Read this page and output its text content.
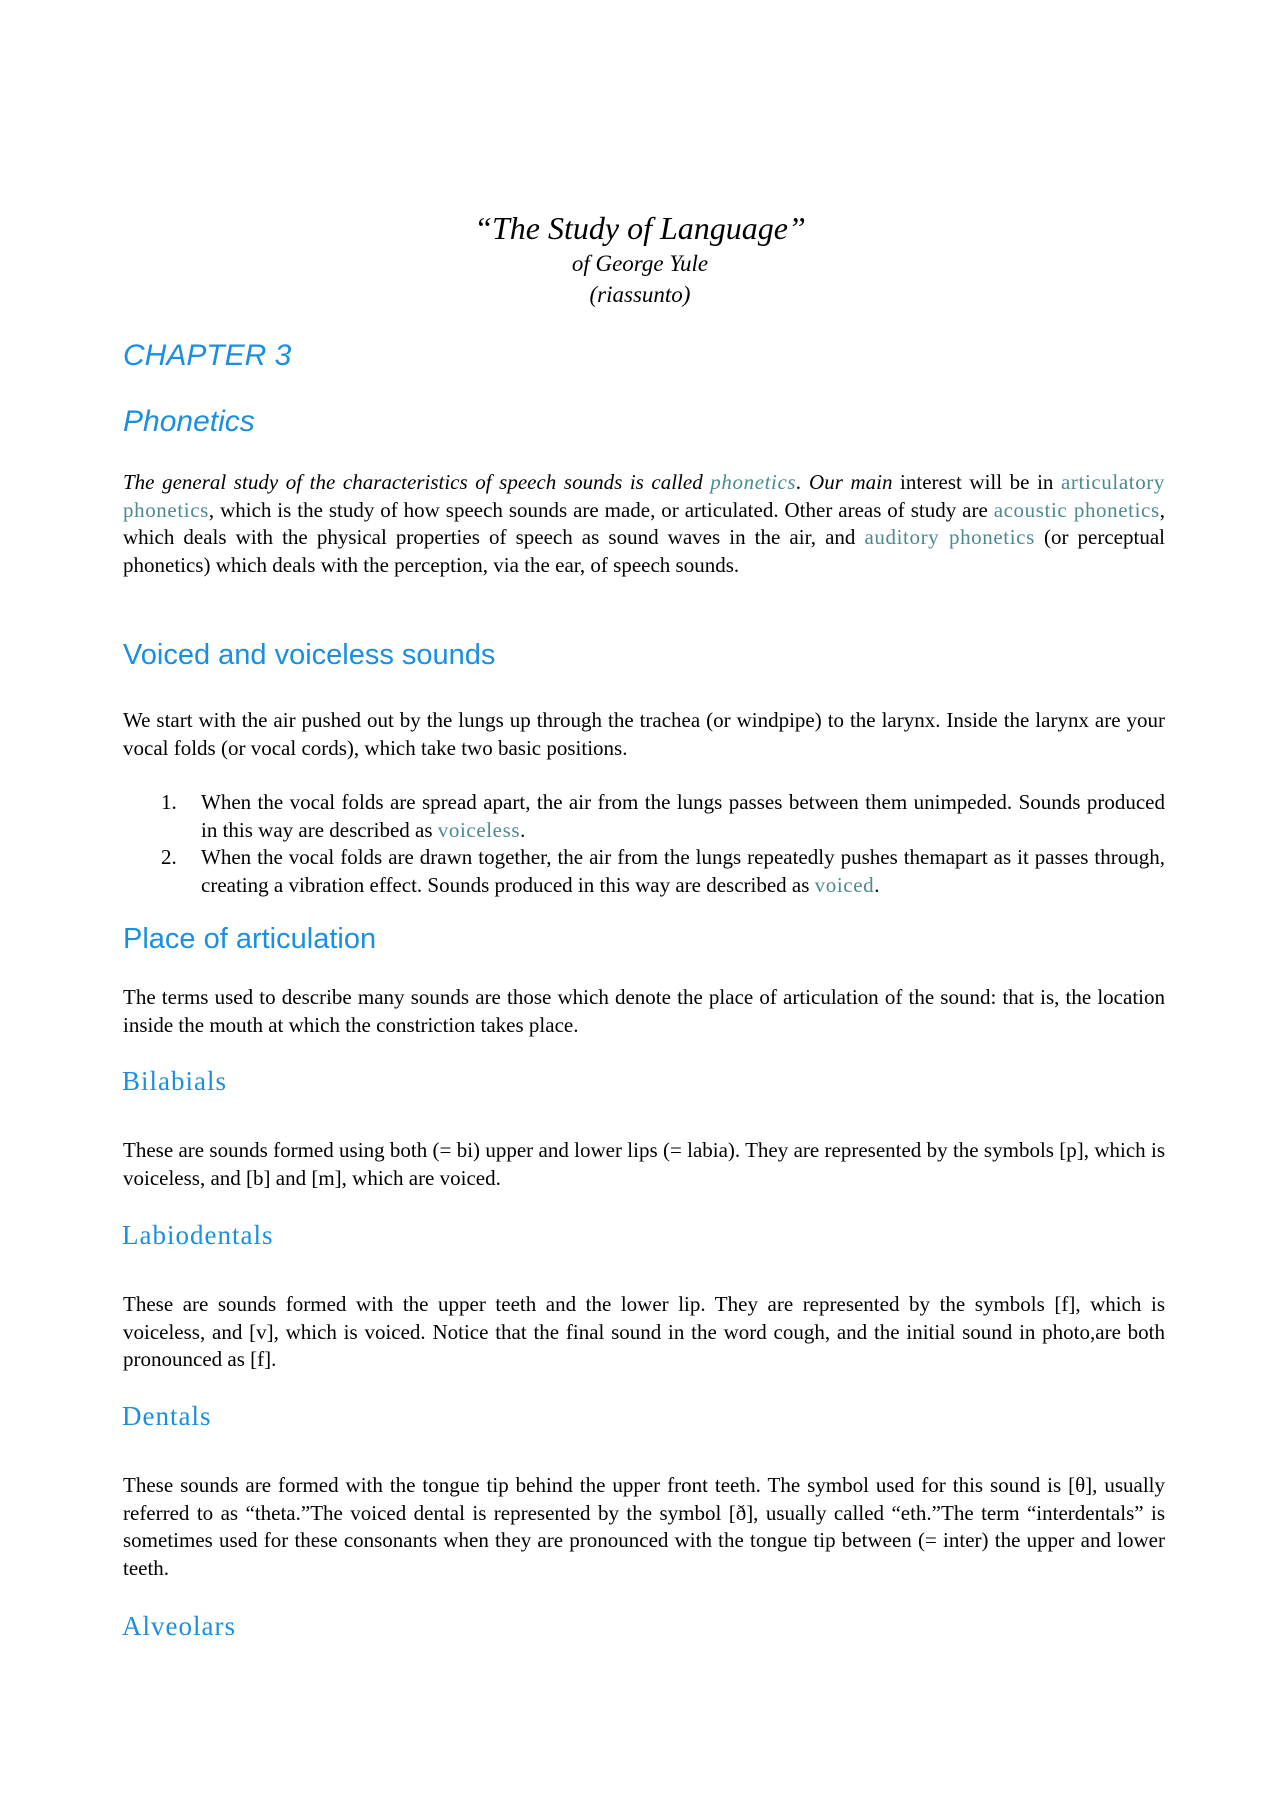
“The Study of Language”
of George Yule
(riassunto)
CHAPTER 3
Phonetics

The general study of the characteristics of speech sounds is called phonetics. Our main interest will be in articulatory phonetics, which is the study of how speech sounds are made, or articulated. Other areas of study are acoustic phonetics, which deals with the physical properties of speech as sound waves in the air, and auditory phonetics (or perceptual phonetics) which deals with the perception, via the ear, of speech sounds.

Voiced and voiceless sounds

We start with the air pushed out by the lungs up through the trachea (or windpipe) to the larynx. Inside the larynx are your vocal folds (or vocal cords), which take two basic positions.

1. When the vocal folds are spread apart, the air from the lungs passes between them unimpeded. Sounds produced in this way are described as voiceless.
2. When the vocal folds are drawn together, the air from the lungs repeatedly pushes themapart as it passes through, creating a vibration effect. Sounds produced in this way are described as voiced.
Place of articulation

The terms used to describe many sounds are those which denote the place of articulation of the sound: that is, the location inside the mouth at which the constriction takes place.

Bilabials

These are sounds formed using both (= bi) upper and lower lips (= labia). They are represented by the symbols [p], which is voiceless, and [b] and [m], which are voiced.

Labiodentals

These are sounds formed with the upper teeth and the lower lip. They are represented by the symbols [f], which is voiceless, and [v], which is voiced. Notice that the final sound in the word cough, and the initial sound in photo,are both pronounced as [f].

Dentals

These sounds are formed with the tongue tip behind the upper front teeth. The symbol used for this sound is [θ], usually referred to as “theta.”The voiced dental is represented by the symbol [ð], usually called “eth.”The term “interdentals” is sometimes used for these consonants when they are pronounced with the tongue tip between (= inter) the upper and lower teeth.

Alveolars
